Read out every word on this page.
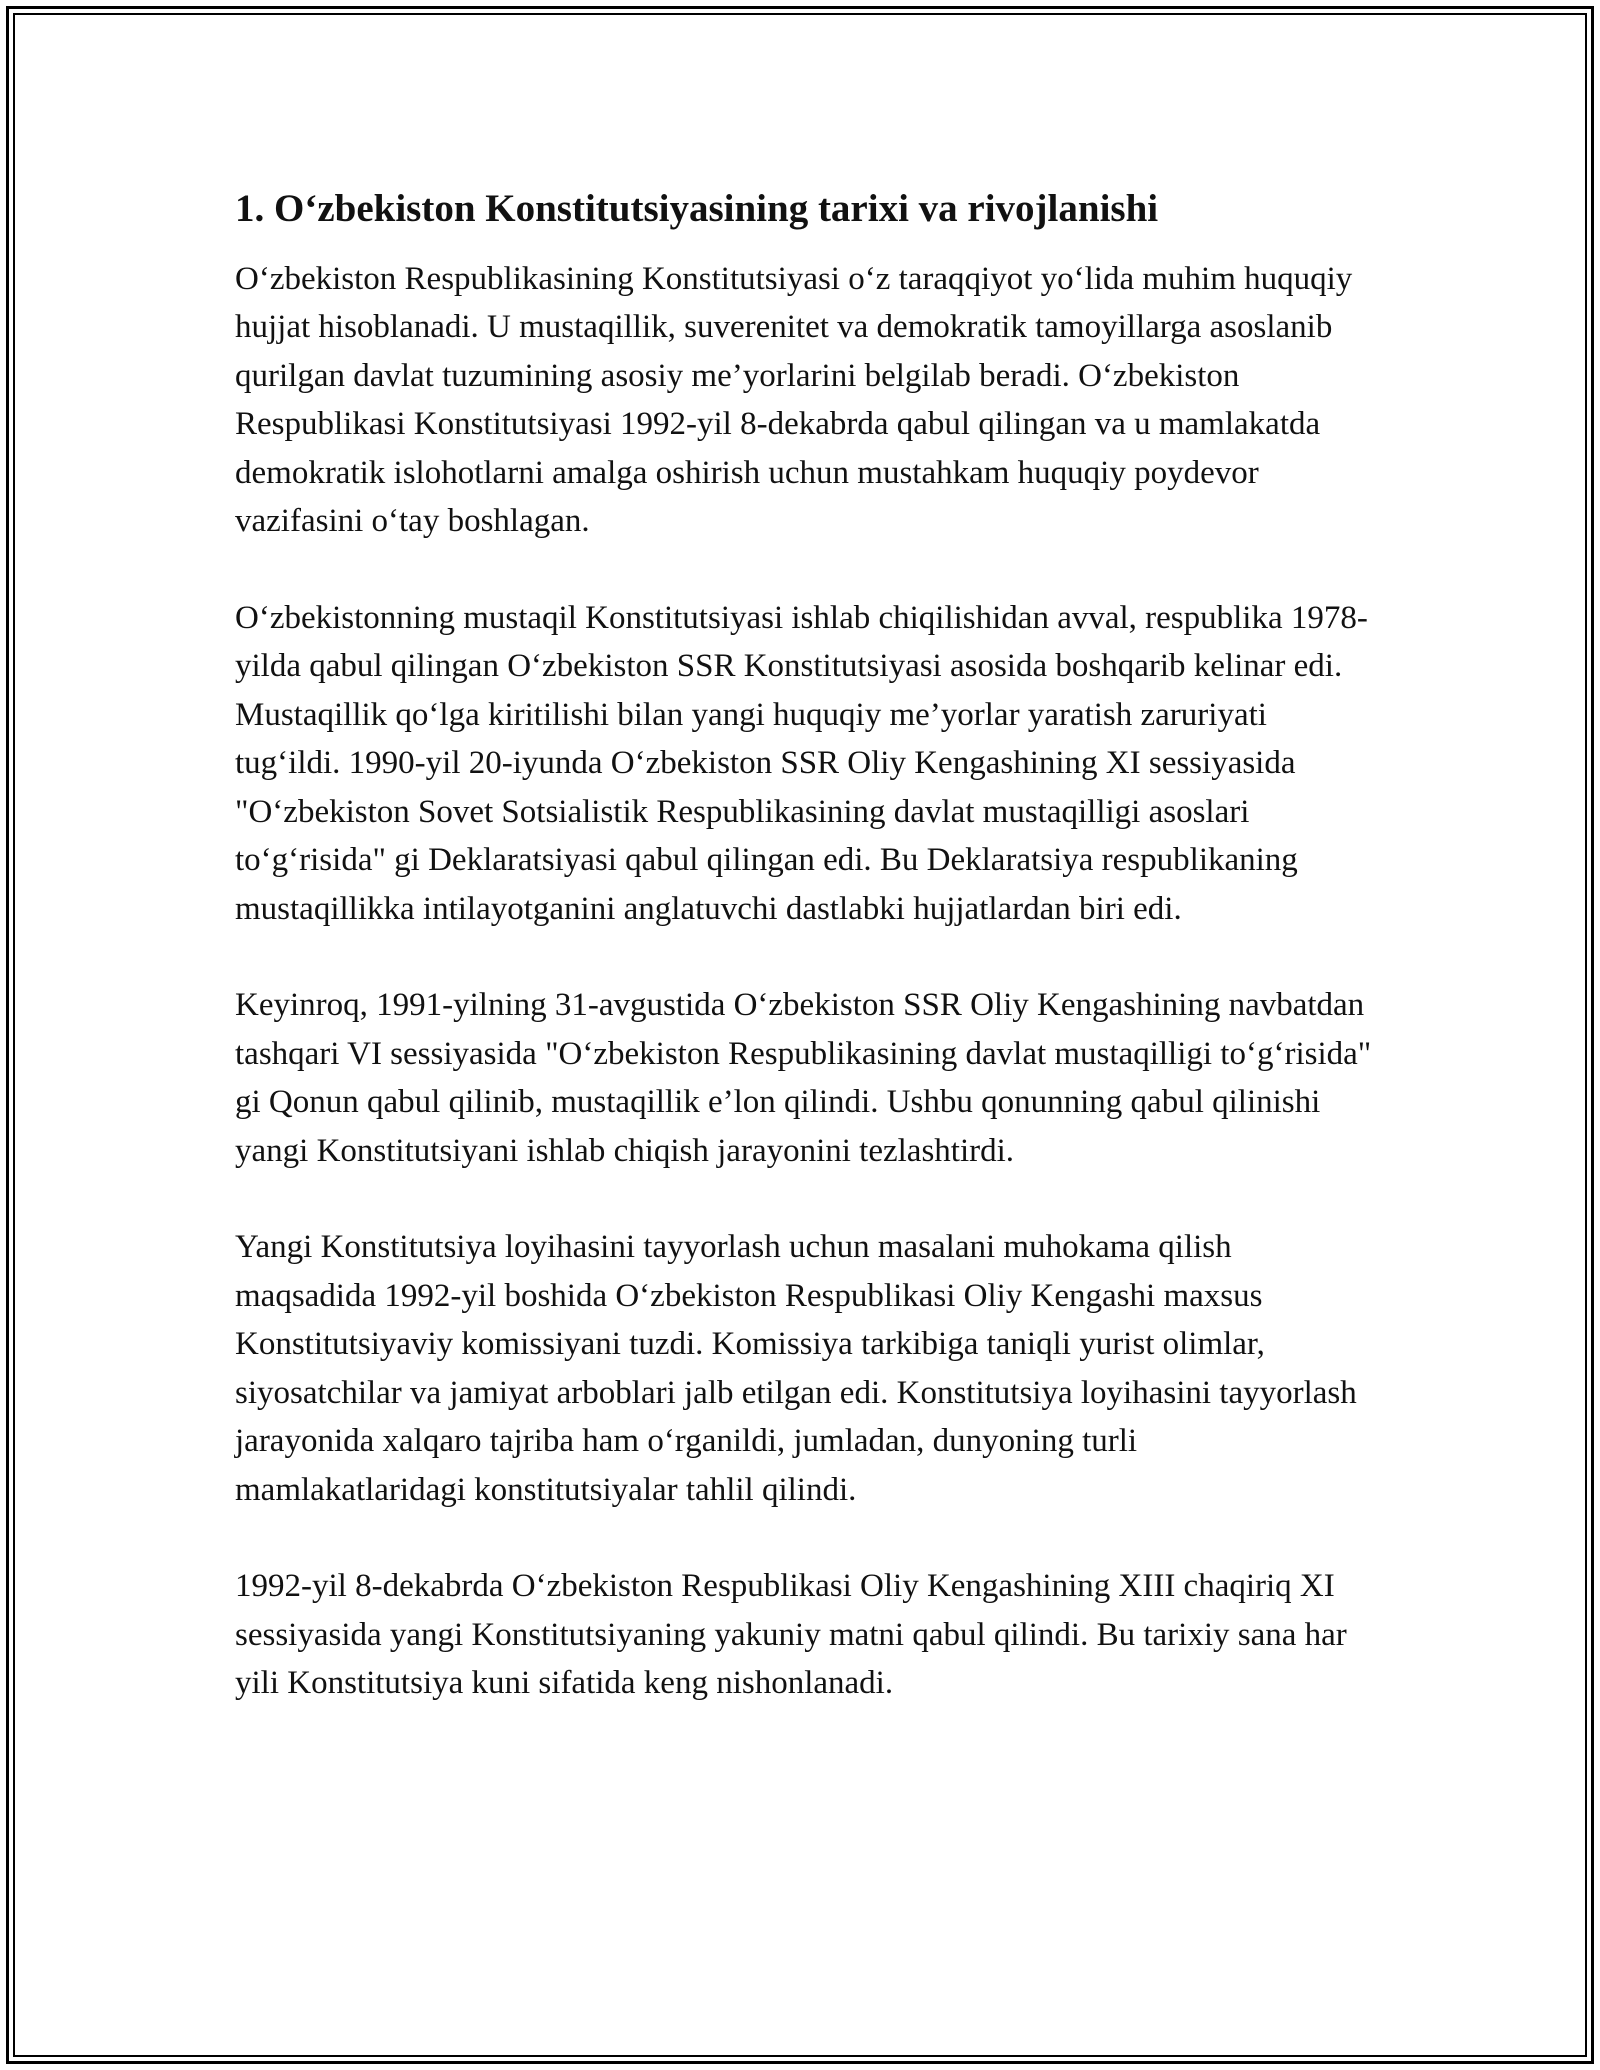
1. O‘zbekiston Konstitutsiyasining tarixi va rivojlanishi

O‘zbekiston Respublikasining Konstitutsiyasi o‘z taraqqiyot yo‘lida muhim huquqiy hujjat hisoblanadi. U mustaqillik, suverenitet va demokratik tamoyillarga asoslanib qurilgan davlat tuzumining asosiy me’yorlarini belgilab beradi. O‘zbekiston Respublikasi Konstitutsiyasi 1992-yil 8-dekabrda qabul qilingan va u mamlakatda demokratik islohotlarni amalga oshirish uchun mustahkam huquqiy poydevor vazifasini o‘tay boshlagan.

O‘zbekistonning mustaqil Konstitutsiyasi ishlab chiqilishidan avval, respublika 1978-yilda qabul qilingan O‘zbekiston SSR Konstitutsiyasi asosida boshqarib kelinar edi. Mustaqillik qo‘lga kiritilishi bilan yangi huquqiy me’yorlar yaratish zaruriyati tug‘ildi. 1990-yil 20-iyunda O‘zbekiston SSR Oliy Kengashining XI sessiyasida "O‘zbekiston Sovet Sotsialistik Respublikasining davlat mustaqilligi asoslari to‘g‘risida" gi Deklaratsiyasi qabul qilingan edi. Bu Deklaratsiya respublikaning mustaqillikka intilayotganini anglatuvchi dastlabki hujjatlardan biri edi.

Keyinroq, 1991-yilning 31-avgustida O‘zbekiston SSR Oliy Kengashining navbatdan tashqari VI sessiyasida "O‘zbekiston Respublikasining davlat mustaqilligi to‘g‘risida" gi Qonun qabul qilinib, mustaqillik e’lon qilindi. Ushbu qonunning qabul qilinishi yangi Konstitutsiyani ishlab chiqish jarayonini tezlashtirdi.

Yangi Konstitutsiya loyihasini tayyorlash uchun masalani muhokama qilish maqsadida 1992-yil boshida O‘zbekiston Respublikasi Oliy Kengashi maxsus Konstitutsiyaviy komissiyani tuzdi. Komissiya tarkibiga taniqli yurist olimlar, siyosatchilar va jamiyat arboblari jalb etilgan edi. Konstitutsiya loyihasini tayyorlash jarayonida xalqaro tajriba ham o‘rganildi, jumladan, dunyoning turli mamlakatlaridagi konstitutsiyalar tahlil qilindi.

1992-yil 8-dekabrda O‘zbekiston Respublikasi Oliy Kengashining XIII chaqiriq XI sessiyasida yangi Konstitutsiyaning yakuniy matni qabul qilindi. Bu tarixiy sana har yili Konstitutsiya kuni sifatida keng nishonlanadi.
